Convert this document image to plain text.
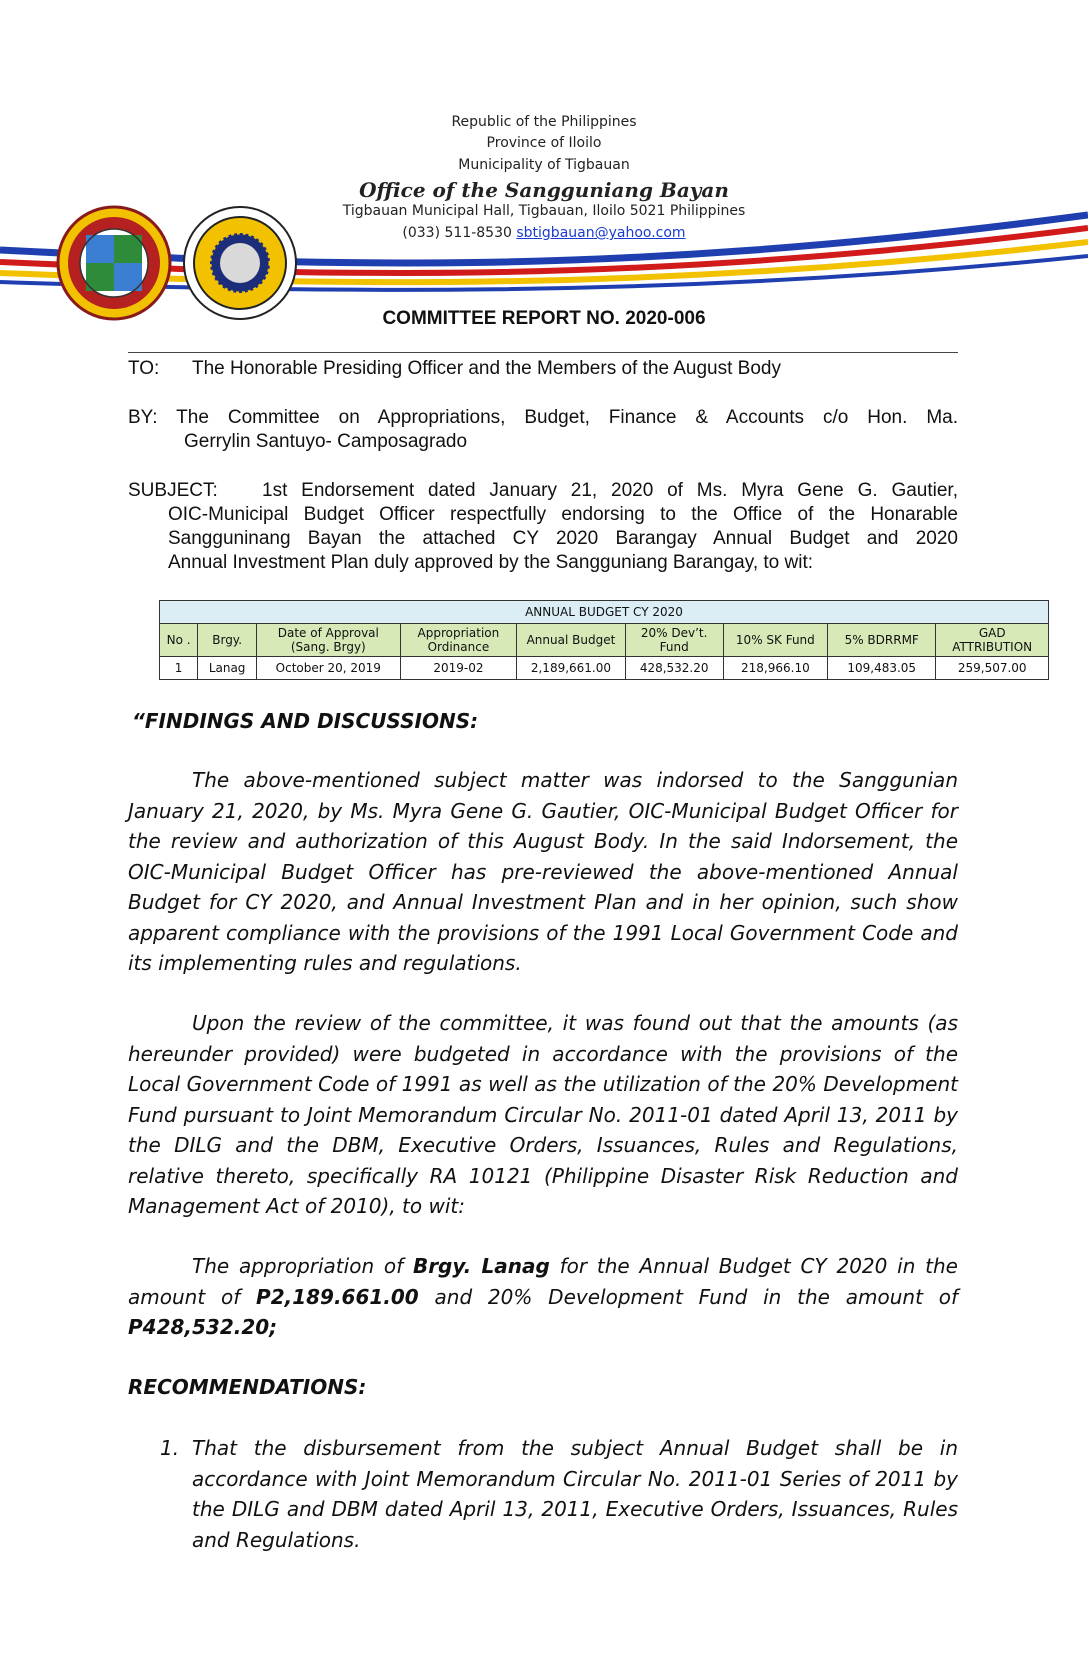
Republic of the Philippines
Province of Iloilo
Municipality of Tigbauan
Office of the Sangguniang Bayan
Tigbauan Municipal Hall, Tigbauan, Iloilo 5021 Philippines
(033) 511-8530 sbtigbauan@yahoo.com
COMMITTEE REPORT NO. 2020-006
TO: The Honorable Presiding Officer and the Members of the August Body
BY: The Committee on Appropriations, Budget, Finance & Accounts c/o Hon. Ma.
Gerrylin Santuyo- Camposagrado
SUBJECT: 1st Endorsement dated January 21, 2020 of Ms. Myra Gene G. Gautier,
OIC-Municipal Budget Officer respectfully endorsing to the Office of the Honarable
Sangguninang Bayan the attached CY 2020 Barangay Annual Budget and 2020
Annual Investment Plan duly approved by the Sangguniang Barangay, to wit:
ANNUAL BUDGET CY 2020								
No .	Brgy.	Date of Approval (Sang. Brgy)	Appropriation Ordinance	Annual Budget	20% Dev’t. Fund	10% SK Fund	5% BDRRMF	GAD ATTRIBUTION
1	Lanag	October 20, 2019	2019-02	2,189,661.00	428,532.20	218,966.10	109,483.05	259,507.00
“FINDINGS AND DISCUSSIONS:
The above-mentioned subject matter was indorsed to the Sanggunian January 21, 2020, by Ms. Myra Gene G. Gautier, OIC-Municipal Budget Officer for the review and authorization of this August Body. In the said Indorsement, the OIC-Municipal Budget Officer has pre-reviewed the above-mentioned Annual Budget for CY 2020, and Annual Investment Plan and in her opinion, such show apparent compliance with the provisions of the 1991 Local Government Code and its implementing rules and regulations.
Upon the review of the committee, it was found out that the amounts (as hereunder provided) were budgeted in accordance with the provisions of the Local Government Code of 1991 as well as the utilization of the 20% Development Fund pursuant to Joint Memorandum Circular No. 2011-01 dated April 13, 2011 by the DILG and the DBM, Executive Orders, Issuances, Rules and Regulations, relative thereto, specifically RA 10121 (Philippine Disaster Risk Reduction and Management Act of 2010), to wit:
The appropriation of Brgy. Lanag for the Annual Budget CY 2020 in the amount of P2,189.661.00 and 20% Development Fund in the amount of P428,532.20;
RECOMMENDATIONS:
1. That the disbursement from the subject Annual Budget shall be in accordance with Joint Memorandum Circular No. 2011-01 Series of 2011 by the DILG and DBM dated April 13, 2011, Executive Orders, Issuances, Rules and Regulations.
